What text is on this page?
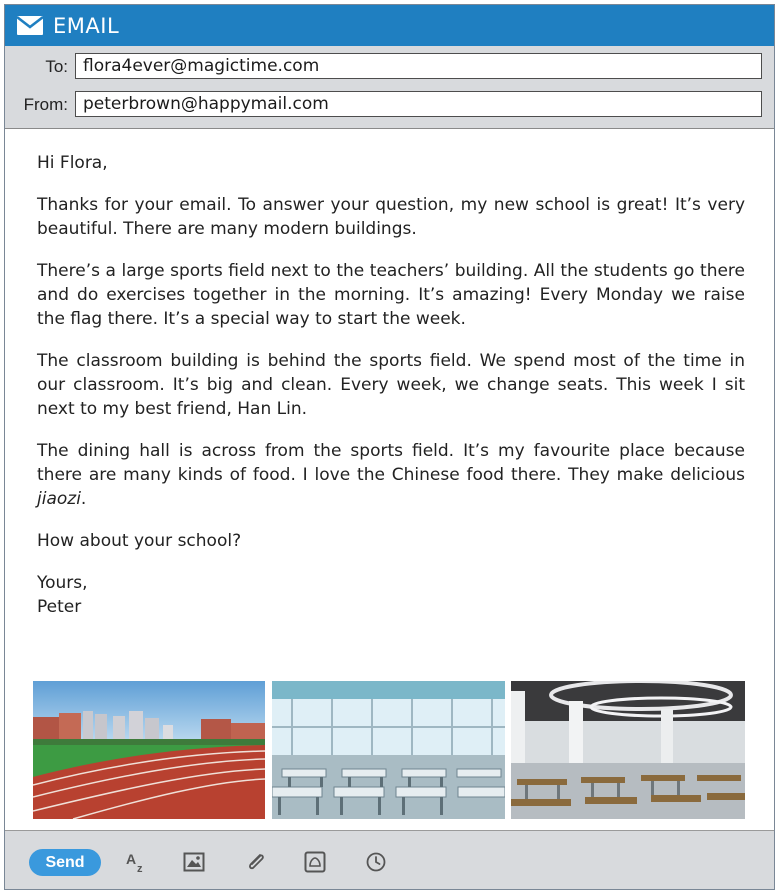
EMAIL
To: flora4ever@magictime.com
From: peterbrown@happymail.com

Hi Flora,

Thanks for your email. To answer your question, my new school is great! It’s very beautiful. There are many modern buildings.

There’s a large sports field next to the teachers’ building. All the students go there and do exercises together in the morning. It’s amazing! Every Monday we raise the flag there. It’s a special way to start the week.

The classroom building is behind the sports field. We spend most of the time in our classroom. It’s big and clean. Every week, we change seats. This week I sit next to my best friend, Han Lin.

The dining hall is across from the sports field. It’s my favourite place because there are many kinds of food. I love the Chinese food there. They make delicious jiaozi.

How about your school?

Yours,

Peter

Send	A
z
